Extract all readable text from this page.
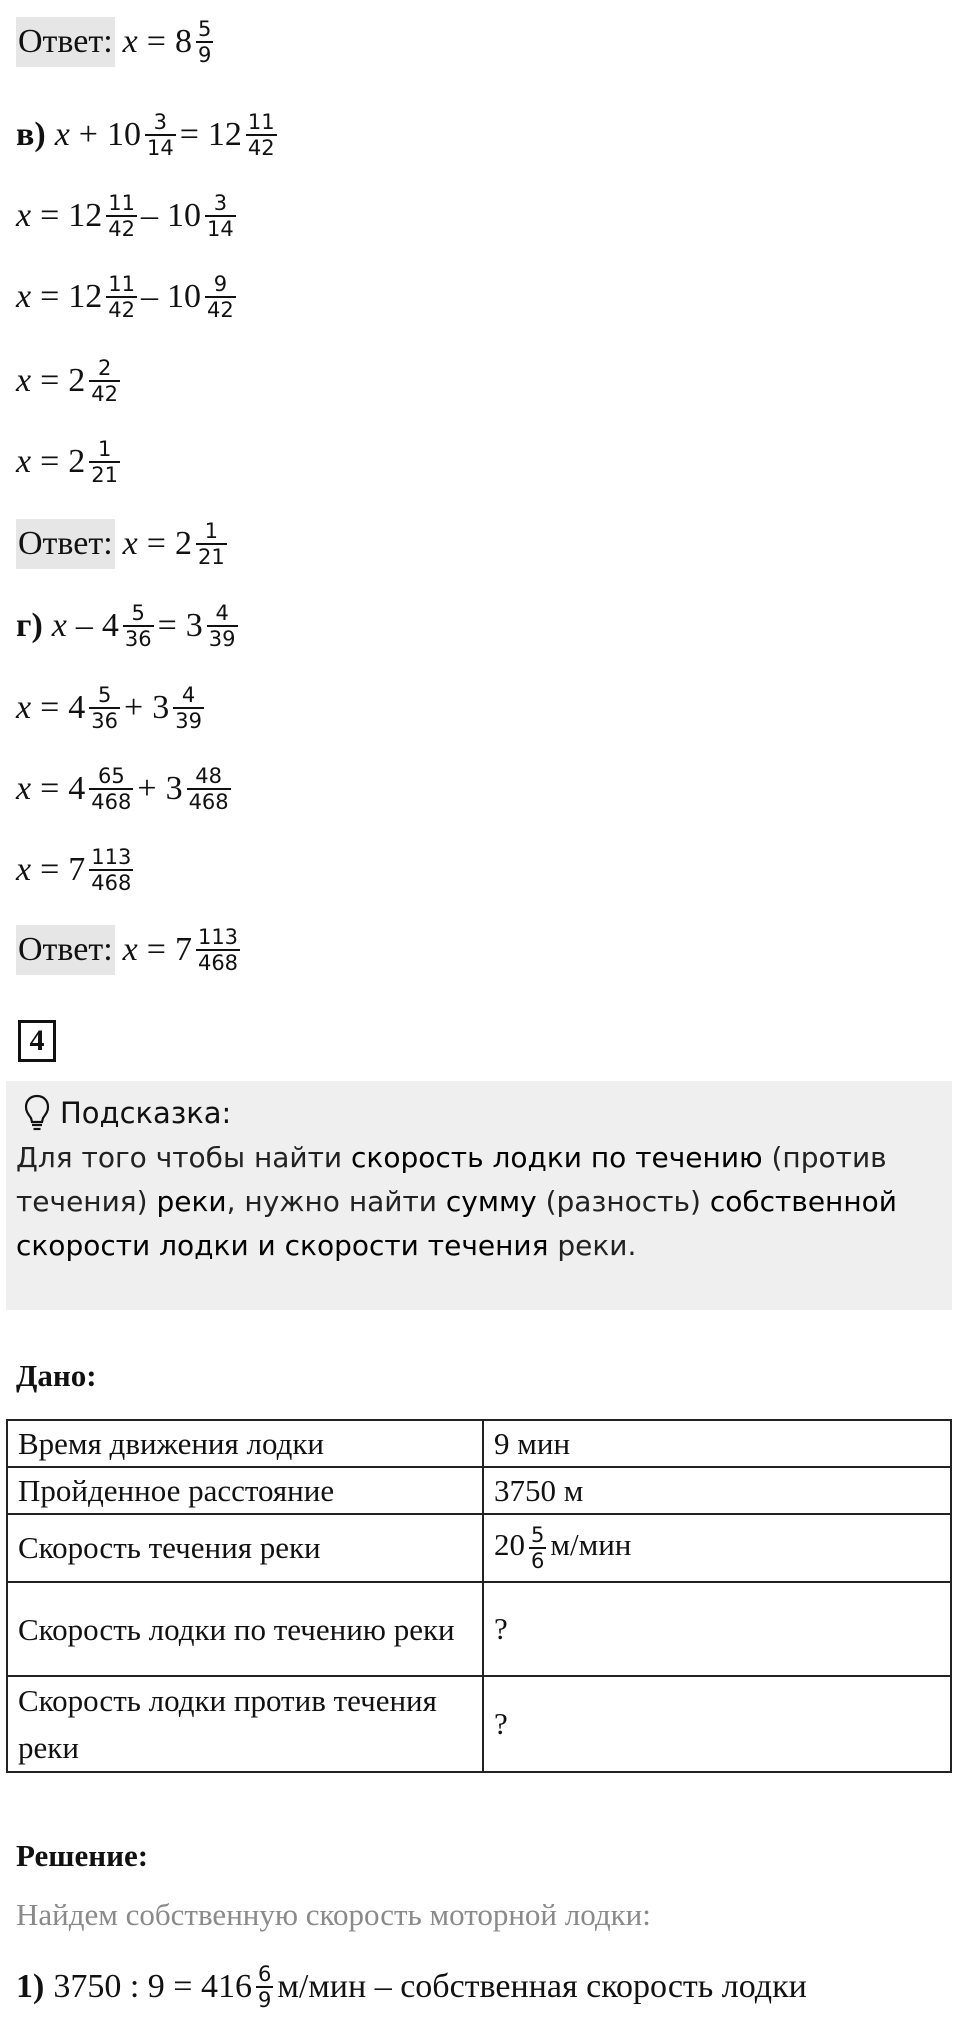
Ответ: $x = 8 \frac{5}{9}$
в) $x + 10 \frac{3}{14} = 12 \frac{11}{42}$
$x = 12 \frac{11}{42} - 10 \frac{3}{14}$
$x = 12 \frac{11}{42} - 10 \frac{9}{42}$
$x = 2 \frac{2}{42}$
$x = 2 \frac{1}{21}$
Ответ: $x = 2 \frac{1}{21}$
г) $x - 4 \frac{5}{36} = 3 \frac{4}{39}$
$x = 4 \frac{5}{36} + 3 \frac{4}{39}$
$x = 4 \frac{65}{468} + 3 \frac{48}{468}$
$x = 7 \frac{113}{468}$
Ответ: $x = 7 \frac{113}{468}$
4
Подсказка:
Для того чтобы найти скорость лодки по течению (против течения) реки, нужно найти сумму (разность) собственной скорости лодки и скорости течения реки.
Дано:
Время движения лодки	9 мин
Пройденное расстояние	3750 м
Скорость течения реки	$20 \frac{5}{6} м/мин$
Скорость лодки по течению реки	?
Скорость лодки против течения реки	?
Решение:
Найдем собственную скорость моторной лодки:
1) 3750 : $9 = 416 \frac{6}{9} м/мин$ – собственная скорость лодки
